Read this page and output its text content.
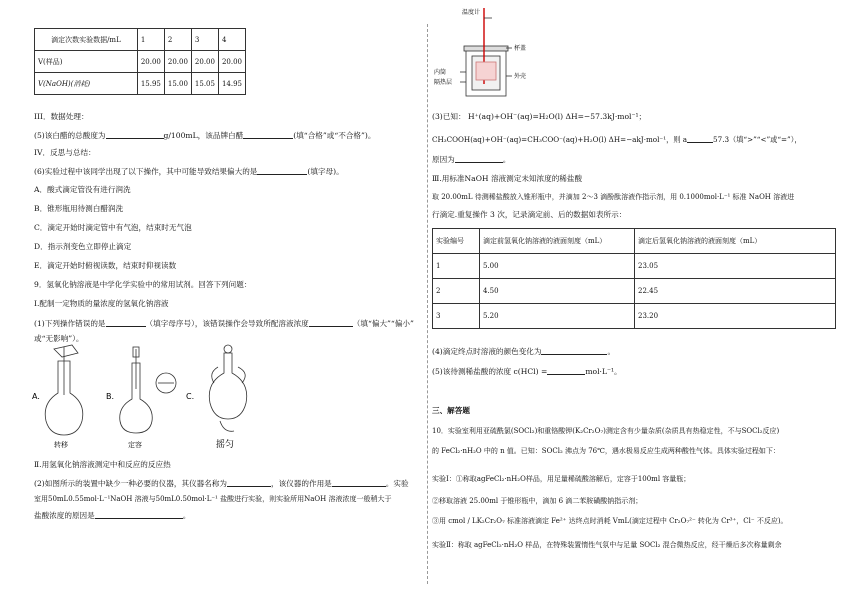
滴定次数实验数据/mL	1	2	3	4
V(样品)	20.00	20.00	20.00	20.00
V(NaOH)(消耗)	15.95	15.00	15.05	14.95
III．数据处理：
(5)该白醋的总酸度为	g/100mL，该品牌白醋	(填“合格”或“不合格”)。
IV．反思与总结：
(6)实验过程中该同学出现了以下操作，其中可能导致结果偏大的是	(填字母)。
A．酸式滴定管没有进行润洗
B．锥形瓶用待测白醋润洗
C．滴定开始时滴定管中有气泡，结束时无气泡
D．指示剂变色立即停止滴定
E．滴定开始时俯视读数，结束时仰视读数
9．氢氧化钠溶液是中学化学实验中的常用试剂。回答下列问题：
Ⅰ.配制一定物质的量浓度的氢氧化钠溶液
(1)下列操作错误的是	（填字母序号），该错误操作会导致所配溶液浓度	（填“偏大”“偏小”
或“无影响”）。
A.
转移
B.
定容
C.
摇匀
Ⅱ.用氢氧化钠溶液测定中和反应的反应热
(2)如图所示的装置中缺少一种必要的仪器，其仪器名称为	，该仪器的作用是	。实验
室用50mL0.55mol·L⁻¹NaOH 溶液与50mL0.50mol·L⁻¹ 盐酸进行实验，则实验所用NaOH 溶液浓度一般稍大于
盐酸浓度的原因是	。
温度计
杯盖
内筒
隔热层
外壳
(3)已知： H⁺(aq)+OH⁻(aq)=H₂O(l) ΔH=−57.3kJ·mol⁻¹；
CH₃COOH(aq)+OH⁻(aq)=CH₃COO⁻(aq)+H₂O(l) ΔH=−akJ·mol⁻¹，则 a	57.3（填“>”“<”或“=”），
原因为	。
Ⅲ.用标准NaOH 溶液测定未知浓度的稀盐酸
取 20.00mL 待测稀盐酸放入锥形瓶中，并滴加 2～3 滴酚酞溶液作指示剂，用 0.1000mol·L⁻¹ 标准 NaOH 溶液进
行滴定.重复操作 3 次，记录滴定前、后的数据如表所示：
实验编号	滴定前氢氧化钠溶液的液面刻度（mL）	滴定后氢氧化钠溶液的液面刻度（mL）
1	5.00	23.05
2	4.50	22.45
3	5.20	23.20
(4)滴定终点时溶液的颜色变化为	。
(5)该待测稀盐酸的浓度 c(HCl) =	mol·L⁻¹。
三、解答题
10．实验室利用亚硫酰氯(SOCl₂)和重铬酸钾(K₂Cr₂O₇)测定含有少量杂质(杂质具有热稳定性，不与SOCl₂反应)
的 FeCl₂·nH₂O 中的 n 值。已知：SOCl₂ 沸点为 76℃，遇水极易反应生成两种酸性气体。具体实验过程如下：
实验Ⅰ：①称取agFeCl₂·nH₂O样品，用足量稀硫酸溶解后，定容于100ml 容量瓶；
②移取溶液 25.00ml 于锥形瓶中，滴加 6 滴二苯胺磺酸钠指示剂；
③用 cmol / LK₂Cr₂O₇ 标准溶液滴定 Fe²⁺ 达终点时消耗 VmL(滴定过程中 Cr₂O₇²⁻ 转化为 Cr³⁺，Cl⁻ 不反应)。
实验Ⅱ：称取 agFeCl₂·nH₂O 样品，在特殊装置惰性气氛中与足量 SOCl₂ 混合微热反应，经干燥后多次称量剩余
